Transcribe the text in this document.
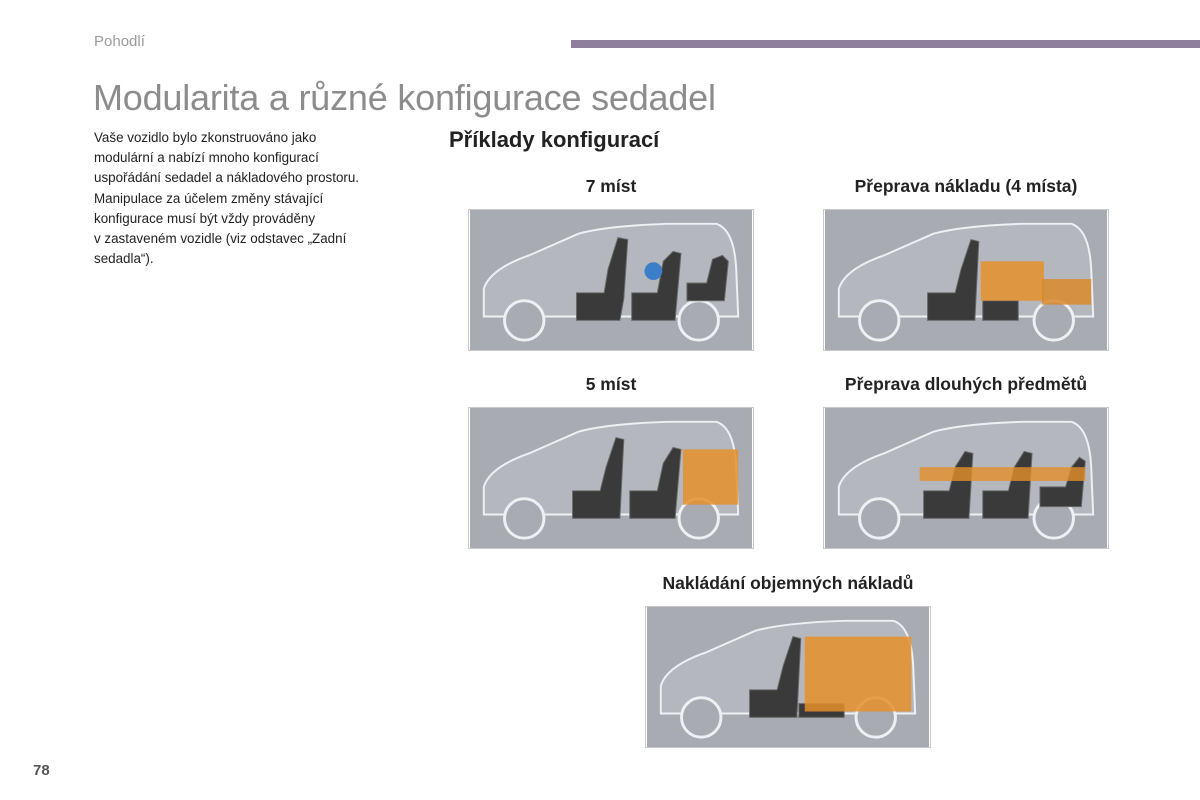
Pohodlí
Modularita a různé konfigurace sedadel

Vaše vozidlo bylo zkonstruováno jako
modulární a nabízí mnoho konfigurací
uspořádání sedadel a nákladového prostoru.
Manipulace za účelem změny stávající
konfigurace musí být vždy prováděny
v zastaveném vozidle (viz odstavec „Zadní
sedadla“).

Příklady konfigurací
7 míst	Přeprava nákladu (4 místa)
5 míst	Přeprava dlouhých předmětů
Nakládání objemných nákladů
78
